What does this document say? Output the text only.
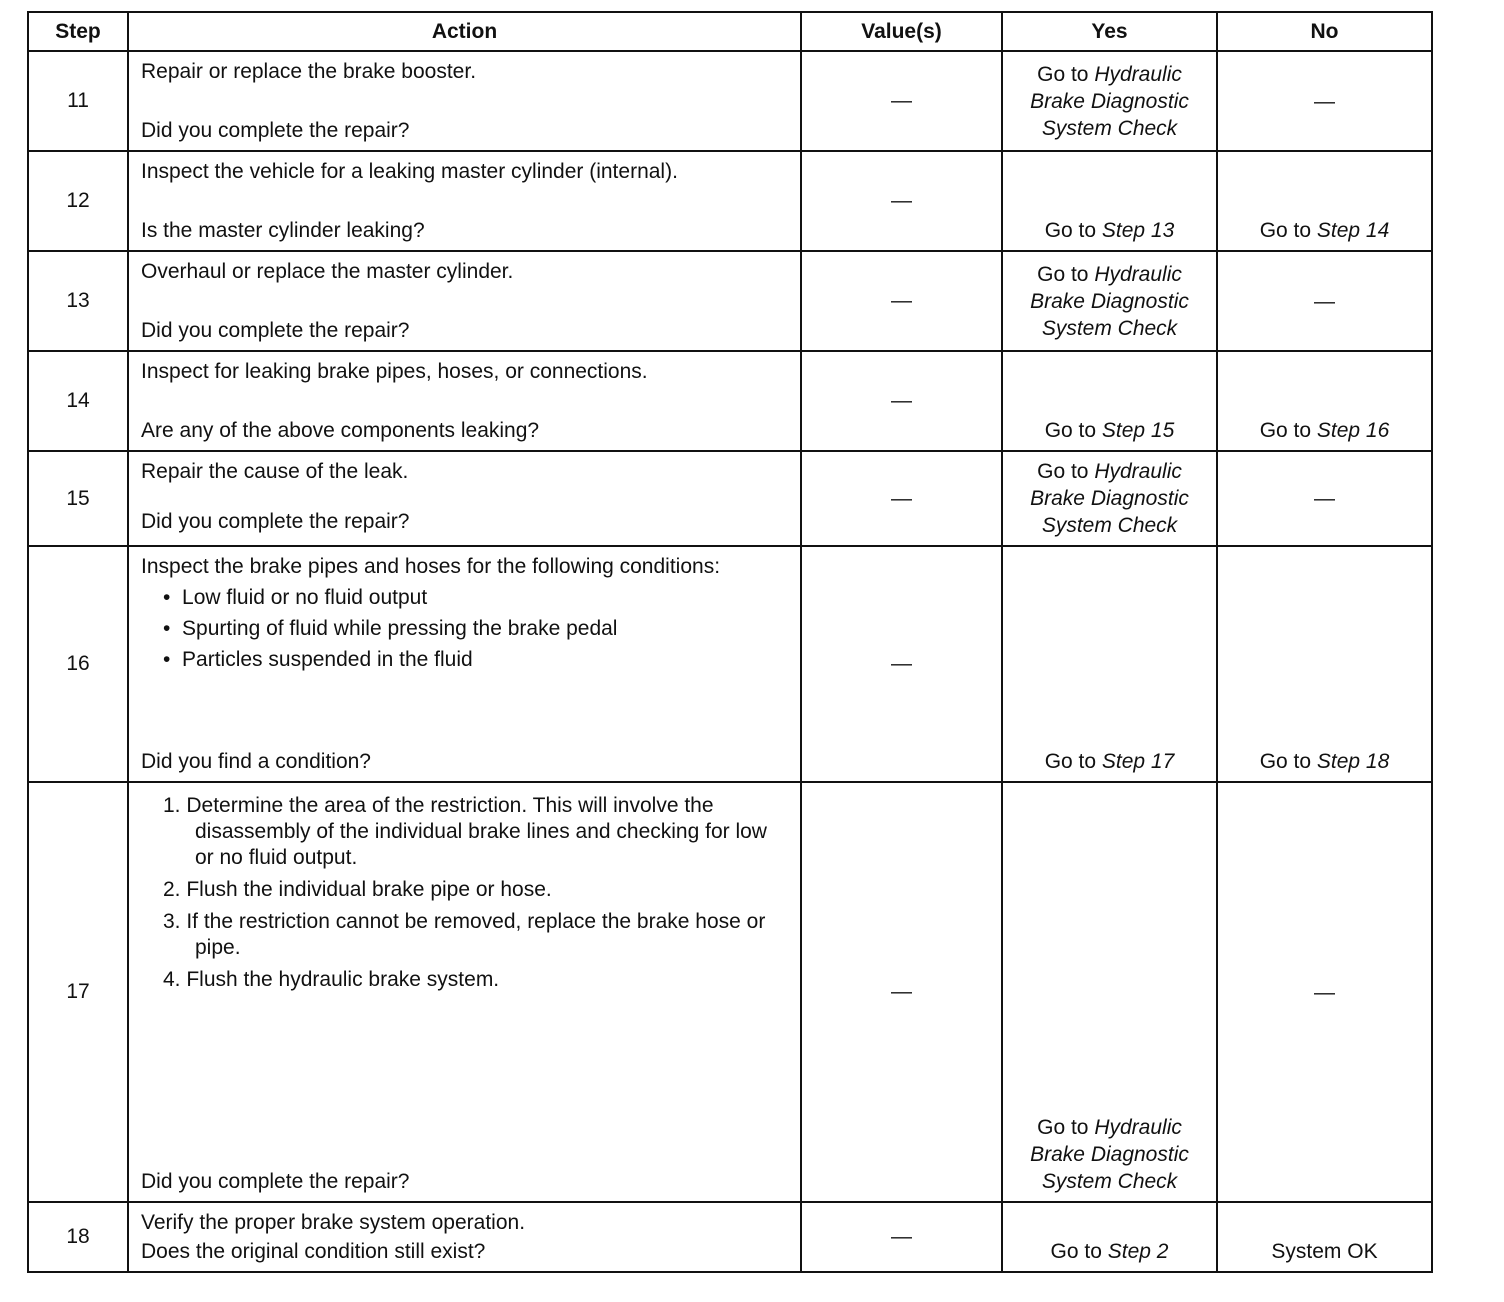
Step	Action	Value(s)	Yes	No
11	Repair or replace the brake booster.

Did you complete the repair?	—	Go to Hydraulic Brake Diagnostic System Check	—
12	Inspect the vehicle for a leaking master cylinder (internal).

Is the master cylinder leaking?	—	Go to Step 13	Go to Step 14
13	Overhaul or replace the master cylinder.

Did you complete the repair?	—	Go to Hydraulic Brake Diagnostic System Check	—
14	Inspect for leaking brake pipes, hoses, or connections.

Are any of the above components leaking?	—	Go to Step 15	Go to Step 16
15	Repair the cause of the leak.

Did you complete the repair?	—	Go to Hydraulic Brake Diagnostic System Check	—
16	Inspect the brake pipes and hoses for the following conditions:

•  Low fluid or no fluid output

•  Spurting of fluid while pressing the brake pedal

•  Particles suspended in the fluid

Did you find a condition?	—	Go to Step 17	Go to Step 18
17	1. Determine the area of the restriction. This will involve the disassembly of the individual brake lines and checking for low or no fluid output.

2. Flush the individual brake pipe or hose.

3. If the restriction cannot be removed, replace the brake hose or pipe.

4. Flush the hydraulic brake system.

Did you complete the repair?	—	Go to Hydraulic Brake Diagnostic System Check	—
18	Verify the proper brake system operation.

Does the original condition still exist?	—	Go to Step 2	System OK
